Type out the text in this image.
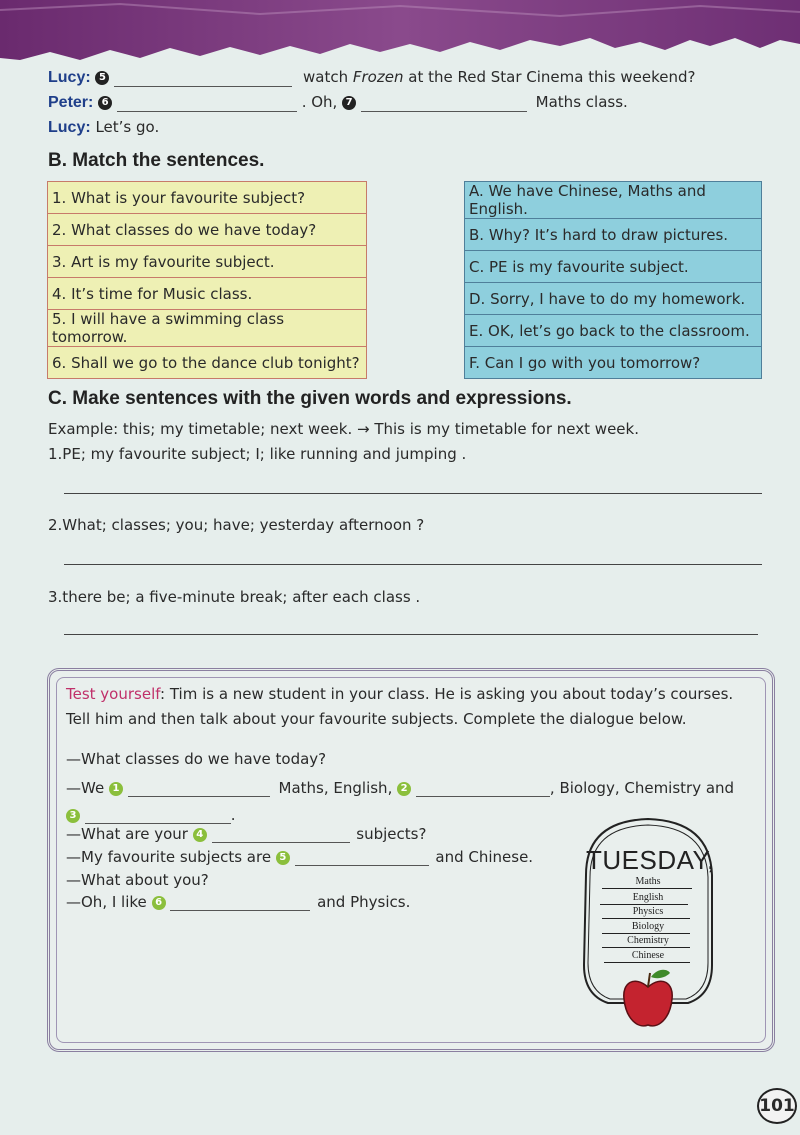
Lucy: 5	watch Frozen at the Red Star Cinema this weekend?
Peter: 6	. Oh, 7	Maths class.
Lucy: Let’s go.
B. Match the sentences.
1. What is your favourite subject?
2. What classes do we have today?
3. Art is my favourite subject.
4. It’s time for Music class.
5. I will have a swimming class tomorrow.
6. Shall we go to the dance club tonight?
A. We have Chinese, Maths and English.
B. Why? It’s hard to draw pictures.
C. PE is my favourite subject.
D. Sorry, I have to do my homework.
E. OK, let’s go back to the classroom.
F. Can I go with you tomorrow?
C. Make sentences with the given words and expressions.
Example: this; my timetable; next week. → This is my timetable for next week.
1.PE; my favourite subject; I; like running and jumping .
2.What; classes; you; have; yesterday afternoon ?
3.there be; a five-minute break; after each class .
Test yourself: Tim is a new student in your class. He is asking you about today’s courses.
Tell him and then talk about your favourite subjects. Complete the dialogue below.
—What classes do we have today?
—We 1	Maths, English, 2	, Biology, Chemistry and
3	.
—What are your 4	subjects?
—My favourite subjects are 5	and Chinese.
—What about you?
—Oh, I like 6	and Physics.
TUESDAY,
Maths
English
Physics
Biology
Chemistry
Chinese
101
